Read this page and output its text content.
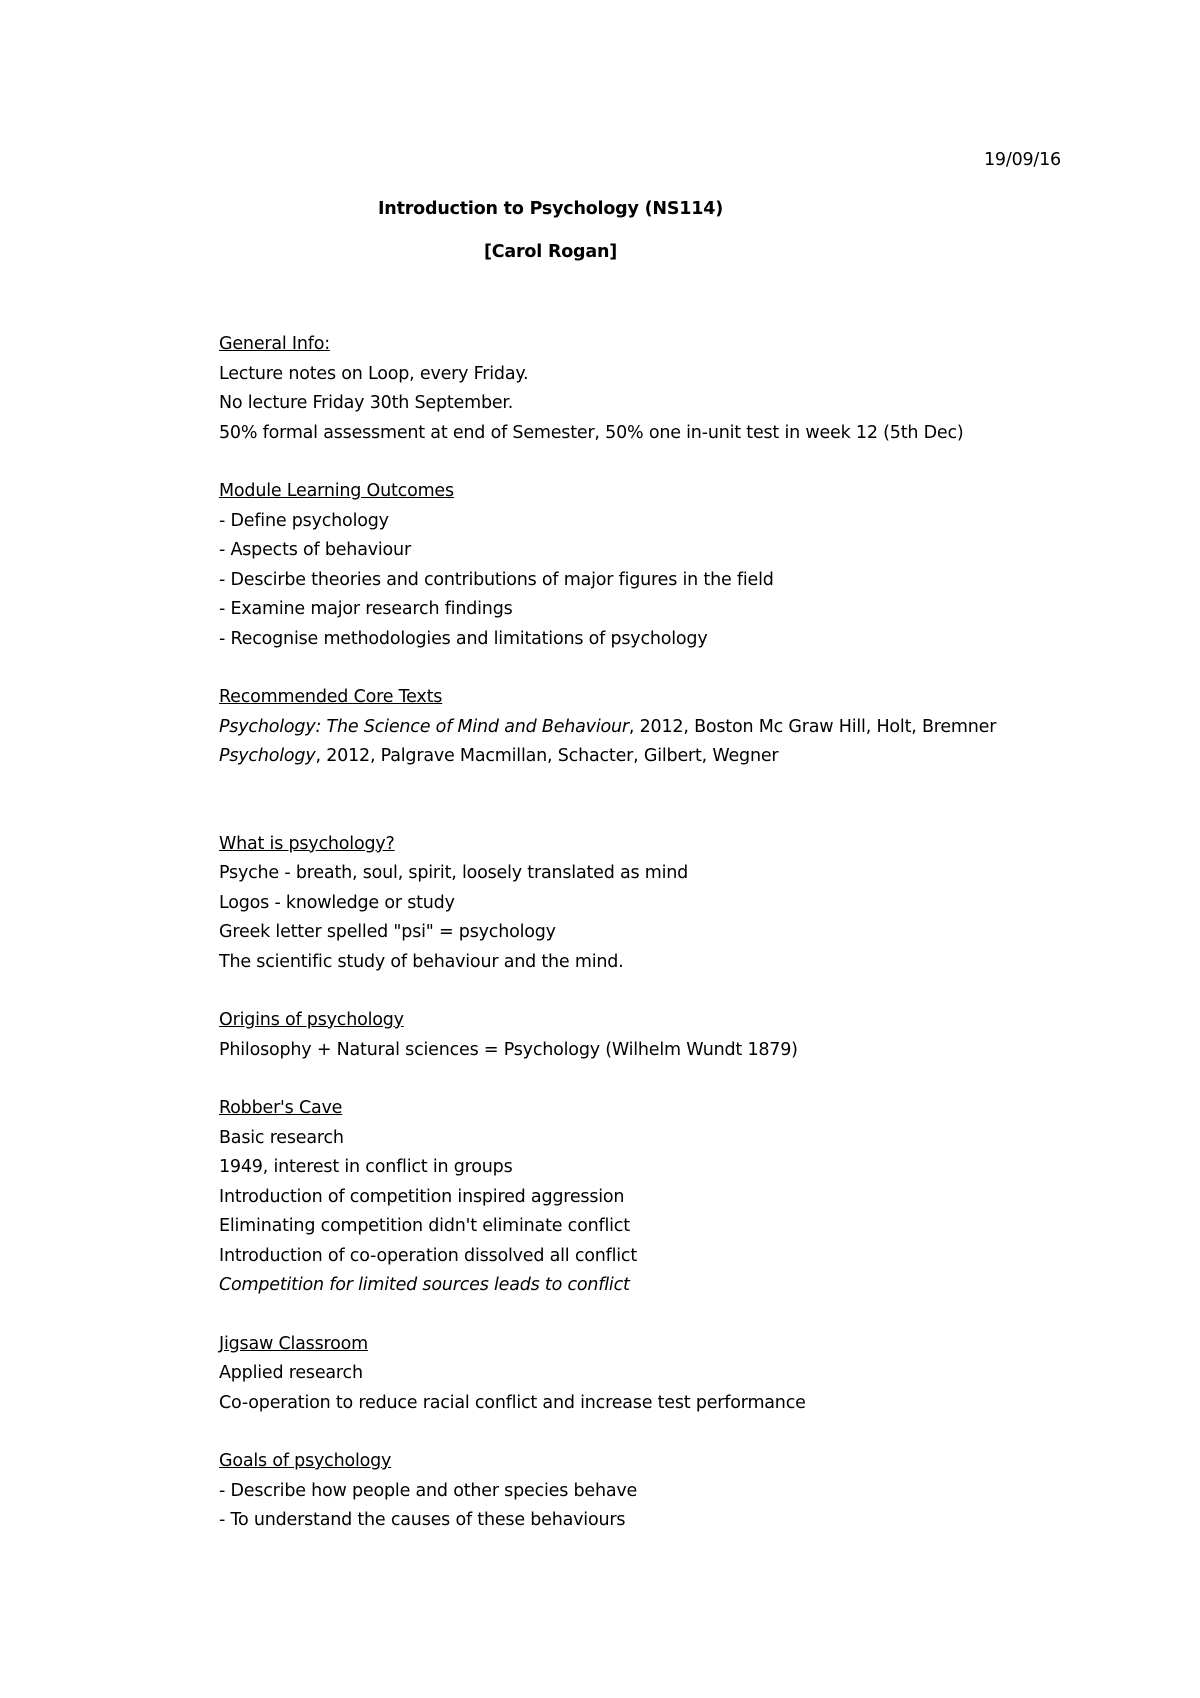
19/09/16

Introduction to Psychology (NS114)

[Carol Rogan]

General Info:
Lecture notes on Loop, every Friday.
No lecture Friday 30th September.
50% formal assessment at end of Semester, 50% one in-unit test in week 12 (5th Dec)
Module Learning Outcomes
- Define psychology
- Aspects of behaviour
- Descirbe theories and contributions of major figures in the field
- Examine major research findings
- Recognise methodologies and limitations of psychology
Recommended Core Texts
Psychology: The Science of Mind and Behaviour, 2012, Boston Mc Graw Hill, Holt, Bremner
Psychology, 2012, Palgrave Macmillan, Schacter, Gilbert, Wegner
What is psychology?
Psyche - breath, soul, spirit, loosely translated as mind
Logos - knowledge or study
Greek letter spelled "psi" = psychology
The scientific study of behaviour and the mind.
Origins of psychology
Philosophy + Natural sciences = Psychology (Wilhelm Wundt 1879)
Robber's Cave
Basic research
1949, interest in conflict in groups
Introduction of competition inspired aggression
Eliminating competition didn't eliminate conflict
Introduction of co-operation dissolved all conflict
Competition for limited sources leads to conflict
Jigsaw Classroom
Applied research
Co-operation to reduce racial conflict and increase test performance
Goals of psychology
- Describe how people and other species behave
- To understand the causes of these behaviours
